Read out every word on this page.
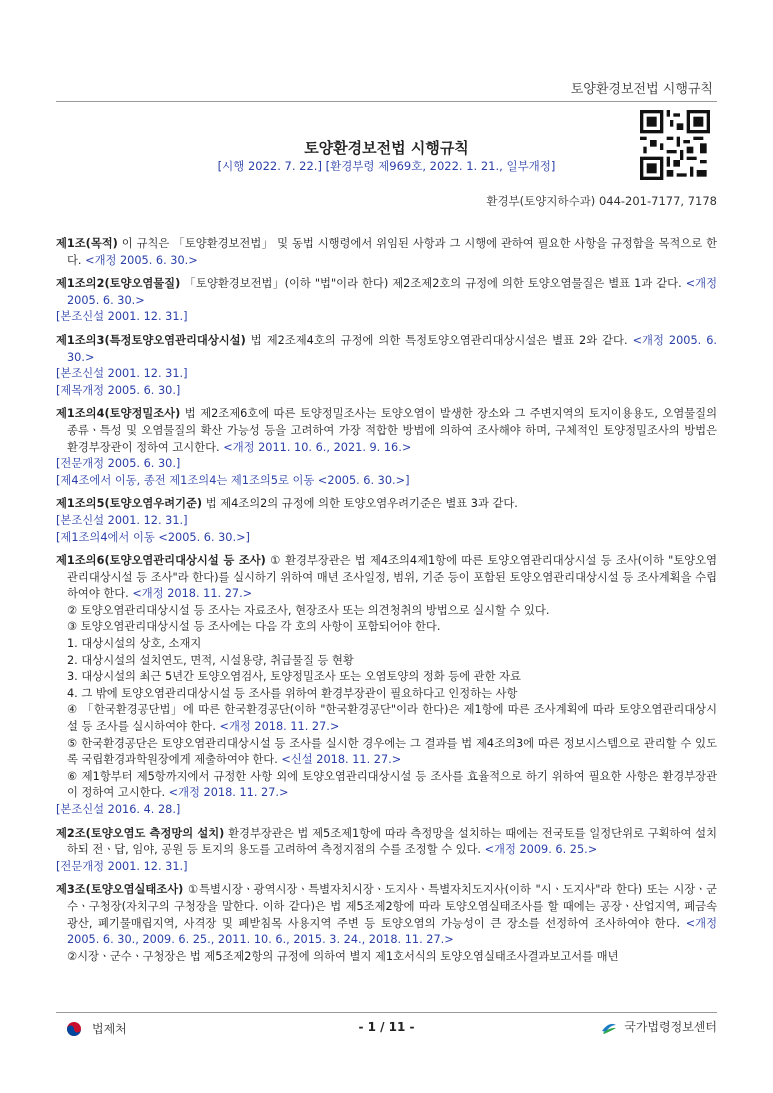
토양환경보전법 시행규칙
토양환경보전법 시행규칙
[시행 2022. 7. 22.] [환경부령 제969호, 2022. 1. 21., 일부개정]
환경부(토양지하수과) 044-201-7177, 7178

제1조(목적) 이 규칙은 「토양환경보전법」 및 동법 시행령에서 위임된 사항과 그 시행에 관하여 필요한 사항을 규정함을 목적으로 한다. <개정 2005. 6. 30.>

제1조의2(토양오염물질) 「토양환경보전법」(이하 "법"이라 한다) 제2조제2호의 규정에 의한 토양오염물질은 별표 1과 같다. <개정 2005. 6. 30.>

[본조신설 2001. 12. 31.]

제1조의3(특정토양오염관리대상시설) 법 제2조제4호의 규정에 의한 특정토양오염관리대상시설은 별표 2와 같다. <개정 2005. 6. 30.>

[본조신설 2001. 12. 31.]

[제목개정 2005. 6. 30.]

제1조의4(토양정밀조사) 법 제2조제6호에 따른 토양정밀조사는 토양오염이 발생한 장소와 그 주변지역의 토지이용용도, 오염물질의 종류ㆍ특성 및 오염물질의 확산 가능성 등을 고려하여 가장 적합한 방법에 의하여 조사해야 하며, 구체적인 토양정밀조사의 방법은 환경부장관이 정하여 고시한다. <개정 2011. 10. 6., 2021. 9. 16.>

[전문개정 2005. 6. 30.]

[제4조에서 이동, 종전 제1조의4는 제1조의5로 이동 <2005. 6. 30.>]

제1조의5(토양오염우려기준) 법 제4조의2의 규정에 의한 토양오염우려기준은 별표 3과 같다.

[본조신설 2001. 12. 31.]

[제1조의4에서 이동 <2005. 6. 30.>]

제1조의6(토양오염관리대상시설 등 조사) ① 환경부장관은 법 제4조의4제1항에 따른 토양오염관리대상시설 등 조사(이하 "토양오염관리대상시설 등 조사"라 한다)를 실시하기 위하여 매년 조사일정, 범위, 기준 등이 포함된 토양오염관리대상시설 등 조사계획을 수립하여야 한다. <개정 2018. 11. 27.>

② 토양오염관리대상시설 등 조사는 자료조사, 현장조사 또는 의견청취의 방법으로 실시할 수 있다.

③ 토양오염관리대상시설 등 조사에는 다음 각 호의 사항이 포함되어야 한다.

1. 대상시설의 상호, 소재지

2. 대상시설의 설치연도, 면적, 시설용량, 취급물질 등 현황

3. 대상시설의 최근 5년간 토양오염검사, 토양정밀조사 또는 오염토양의 정화 등에 관한 자료

4. 그 밖에 토양오염관리대상시설 등 조사를 위하여 환경부장관이 필요하다고 인정하는 사항

④ 「한국환경공단법」에 따른 한국환경공단(이하 "한국환경공단"이라 한다)은 제1항에 따른 조사계획에 따라 토양오염관리대상시설 등 조사를 실시하여야 한다. <개정 2018. 11. 27.>

⑤ 한국환경공단은 토양오염관리대상시설 등 조사를 실시한 경우에는 그 결과를 법 제4조의3에 따른 정보시스템으로 관리할 수 있도록 국립환경과학원장에게 제출하여야 한다. <신설 2018. 11. 27.>

⑥ 제1항부터 제5항까지에서 규정한 사항 외에 토양오염관리대상시설 등 조사를 효율적으로 하기 위하여 필요한 사항은 환경부장관이 정하여 고시한다. <개정 2018. 11. 27.>

[본조신설 2016. 4. 28.]

제2조(토양오염도 측정망의 설치) 환경부장관은 법 제5조제1항에 따라 측정망을 설치하는 때에는 전국토를 일정단위로 구획하여 설치하되 전ㆍ답, 임야, 공원 등 토지의 용도를 고려하여 측정지점의 수를 조정할 수 있다. <개정 2009. 6. 25.>

[전문개정 2001. 12. 31.]

제3조(토양오염실태조사) ①특별시장ㆍ광역시장ㆍ특별자치시장ㆍ도지사ㆍ특별자치도지사(이하 "시ㆍ도지사"라 한다) 또는 시장ㆍ군수ㆍ구청장(자치구의 구청장을 말한다. 이하 같다)은 법 제5조제2항에 따라 토양오염실태조사를 할 때에는 공장ㆍ산업지역, 폐금속광산, 폐기물매립지역, 사격장 및 폐받침목 사용지역 주변 등 토양오염의 가능성이 큰 장소를 선정하여 조사하여야 한다. <개정 2005. 6. 30., 2009. 6. 25., 2011. 10. 6., 2015. 3. 24., 2018. 11. 27.>

②시장ㆍ군수ㆍ구청장은 법 제5조제2항의 규정에 의하여 별지 제1호서식의 토양오염실태조사결과보고서를 매년

법제처	- 1 / 11 -	국가법령정보센터
